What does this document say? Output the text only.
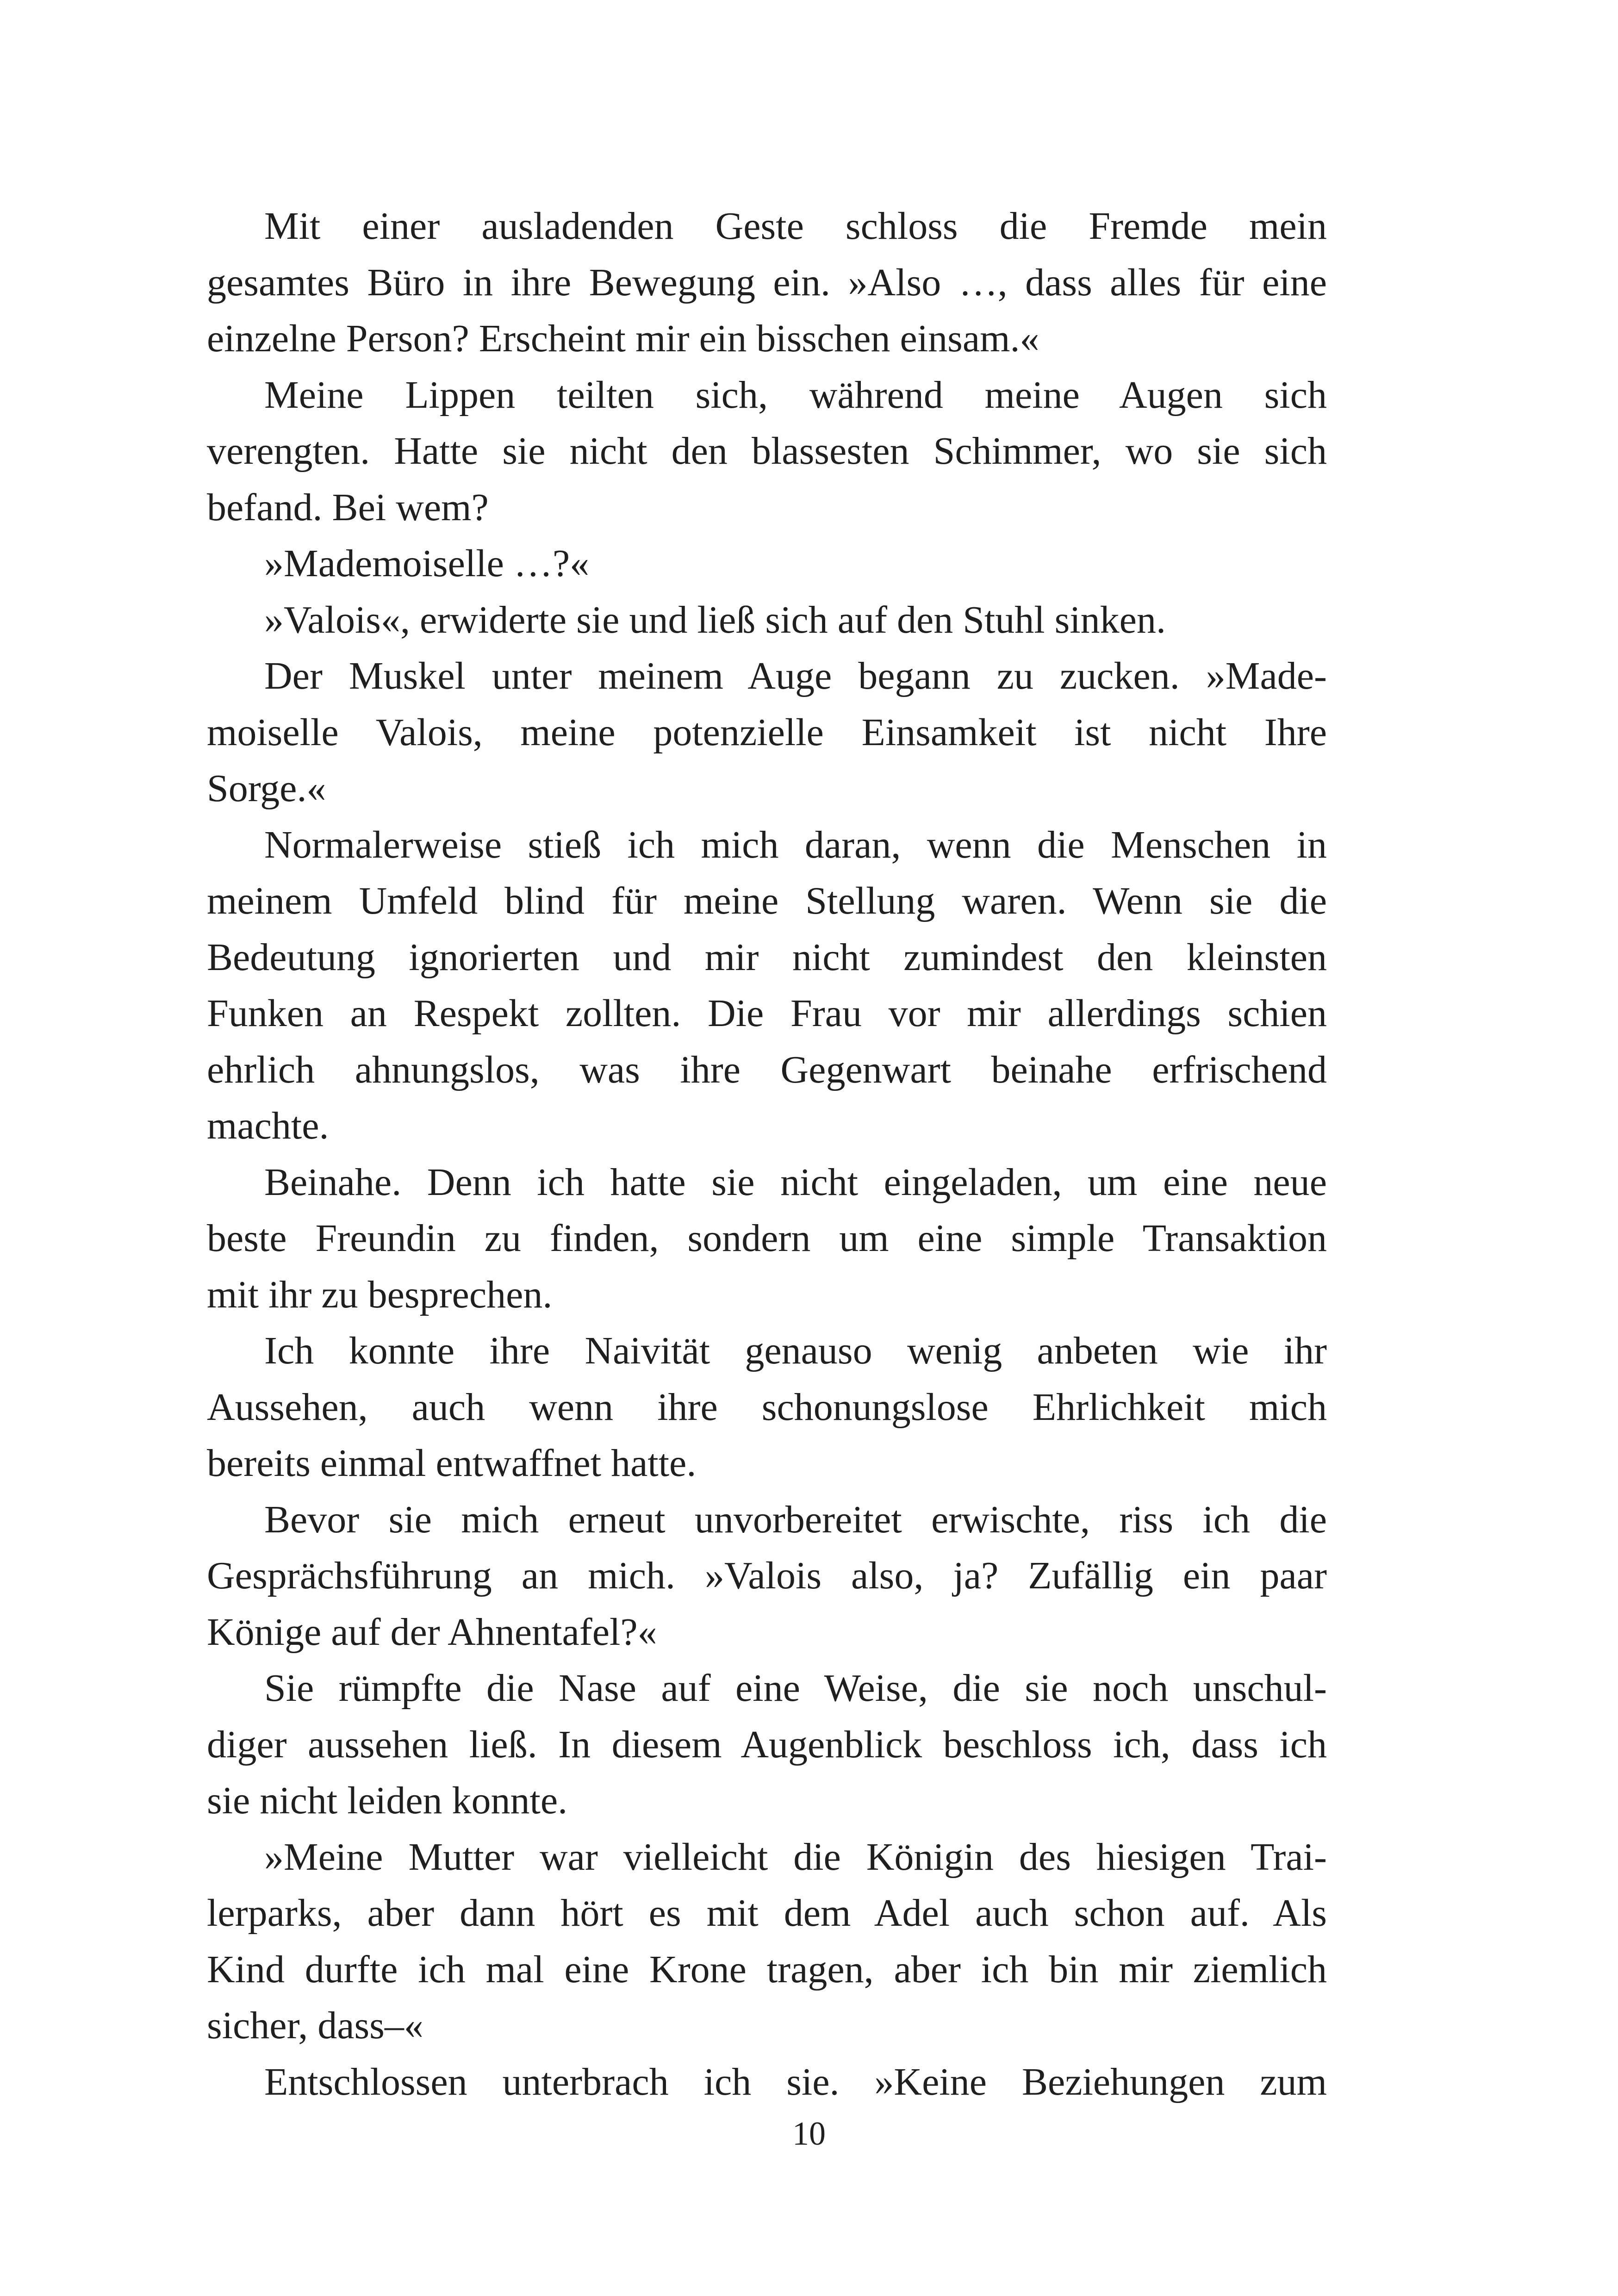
Mit einer ausladenden Geste schloss die Fremde mein
gesamtes Büro in ihre Bewegung ein. »Also …, dass alles für eine
einzelne Person? Erscheint mir ein bisschen einsam.«
Meine Lippen teilten sich, während meine Augen sich
verengten. Hatte sie nicht den blassesten Schimmer, wo sie sich
befand. Bei wem?
»Mademoiselle …?«
»Valois«, erwiderte sie und ließ sich auf den Stuhl sinken.
Der Muskel unter meinem Auge begann zu zucken. »Made-
moiselle Valois, meine potenzielle Einsamkeit ist nicht Ihre
Sorge.«
Normalerweise stieß ich mich daran, wenn die Menschen in
meinem Umfeld blind für meine Stellung waren. Wenn sie die
Bedeutung ignorierten und mir nicht zumindest den kleinsten
Funken an Respekt zollten. Die Frau vor mir allerdings schien
ehrlich ahnungslos, was ihre Gegenwart beinahe erfrischend
machte.
Beinahe. Denn ich hatte sie nicht eingeladen, um eine neue
beste Freundin zu finden, sondern um eine simple Transaktion
mit ihr zu besprechen.
Ich konnte ihre Naivität genauso wenig anbeten wie ihr
Aussehen, auch wenn ihre schonungslose Ehrlichkeit mich
bereits einmal entwaffnet hatte.
Bevor sie mich erneut unvorbereitet erwischte, riss ich die
Gesprächsführung an mich. »Valois also, ja? Zufällig ein paar
Könige auf der Ahnentafel?«
Sie rümpfte die Nase auf eine Weise, die sie noch unschul-
diger aussehen ließ. In diesem Augenblick beschloss ich, dass ich
sie nicht leiden konnte.
»Meine Mutter war vielleicht die Königin des hiesigen Trai-
lerparks, aber dann hört es mit dem Adel auch schon auf. Als
Kind durfte ich mal eine Krone tragen, aber ich bin mir ziemlich
sicher, dass–«
Entschlossen unterbrach ich sie. »Keine Beziehungen zum
10
